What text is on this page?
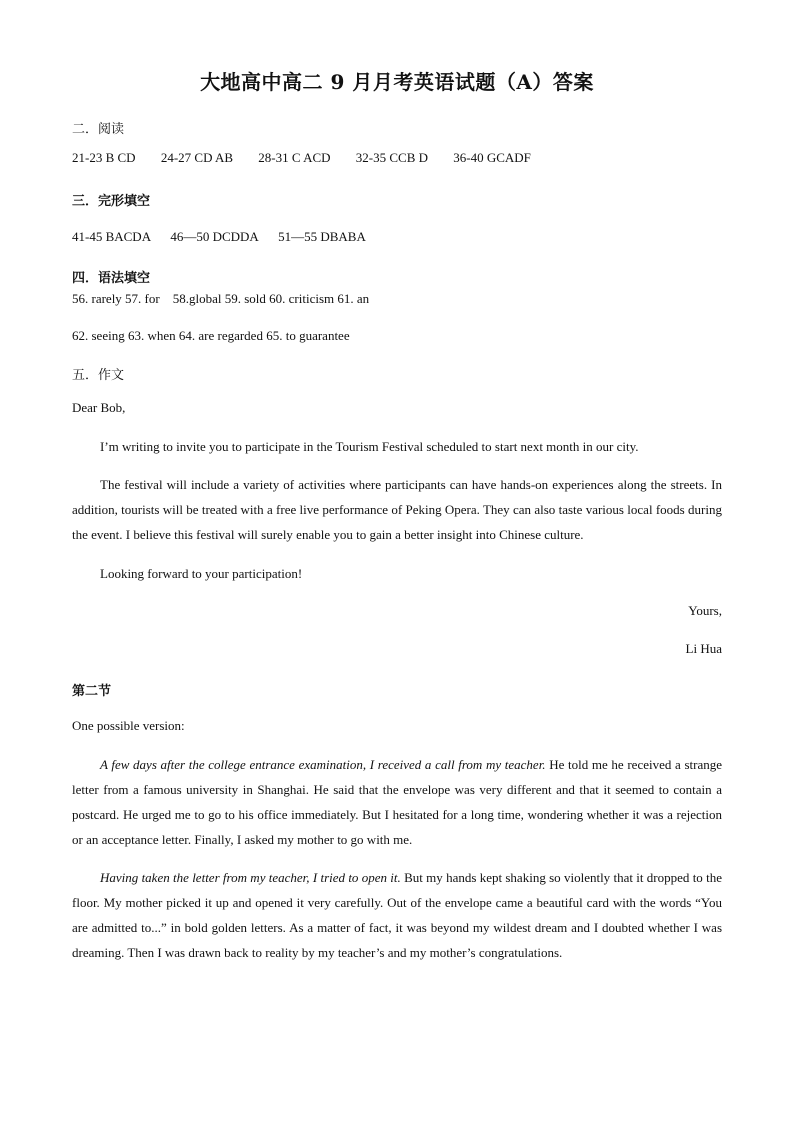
大地高中高二 9 月月考英语试题（A）答案
二．阅读
21-23 B CD 24-27 CD AB 28-31 C ACD 32-35 CCB D 36-40 GCADF
三．完形填空
41-45 BACDA 46—50 DCDDA 51—55 DBABA
四．语法填空
56. rarely 57. for    58.global 59. sold 60. criticism 61. an
62. seeing 63. when 64. are regarded 65. to guarantee
五．作文
Dear Bob,
I’m writing to invite you to participate in the Tourism Festival scheduled to start next month in our city.
The festival will include a variety of activities where participants can have hands-on experiences along the streets. In addition, tourists will be treated with a free live performance of Peking Opera. They can also taste various local foods during the event. I believe this festival will surely enable you to gain a better insight into Chinese culture.
Looking forward to your participation!
Yours,
Li Hua
第二节
One possible version:
A few days after the college entrance examination, I received a call from my teacher. He told me he received a strange letter from a famous university in Shanghai. He said that the envelope was very different and that it seemed to contain a postcard. He urged me to go to his office immediately. But I hesitated for a long time, wondering whether it was a rejection or an acceptance letter. Finally, I asked my mother to go with me.
Having taken the letter from my teacher, I tried to open it. But my hands kept shaking so violently that it dropped to the floor. My mother picked it up and opened it very carefully. Out of the envelope came a beautiful card with the words “You are admitted to...” in bold golden letters. As a matter of fact, it was beyond my wildest dream and I doubted whether I was dreaming. Then I was drawn back to reality by my teacher’s and my mother’s congratulations.
